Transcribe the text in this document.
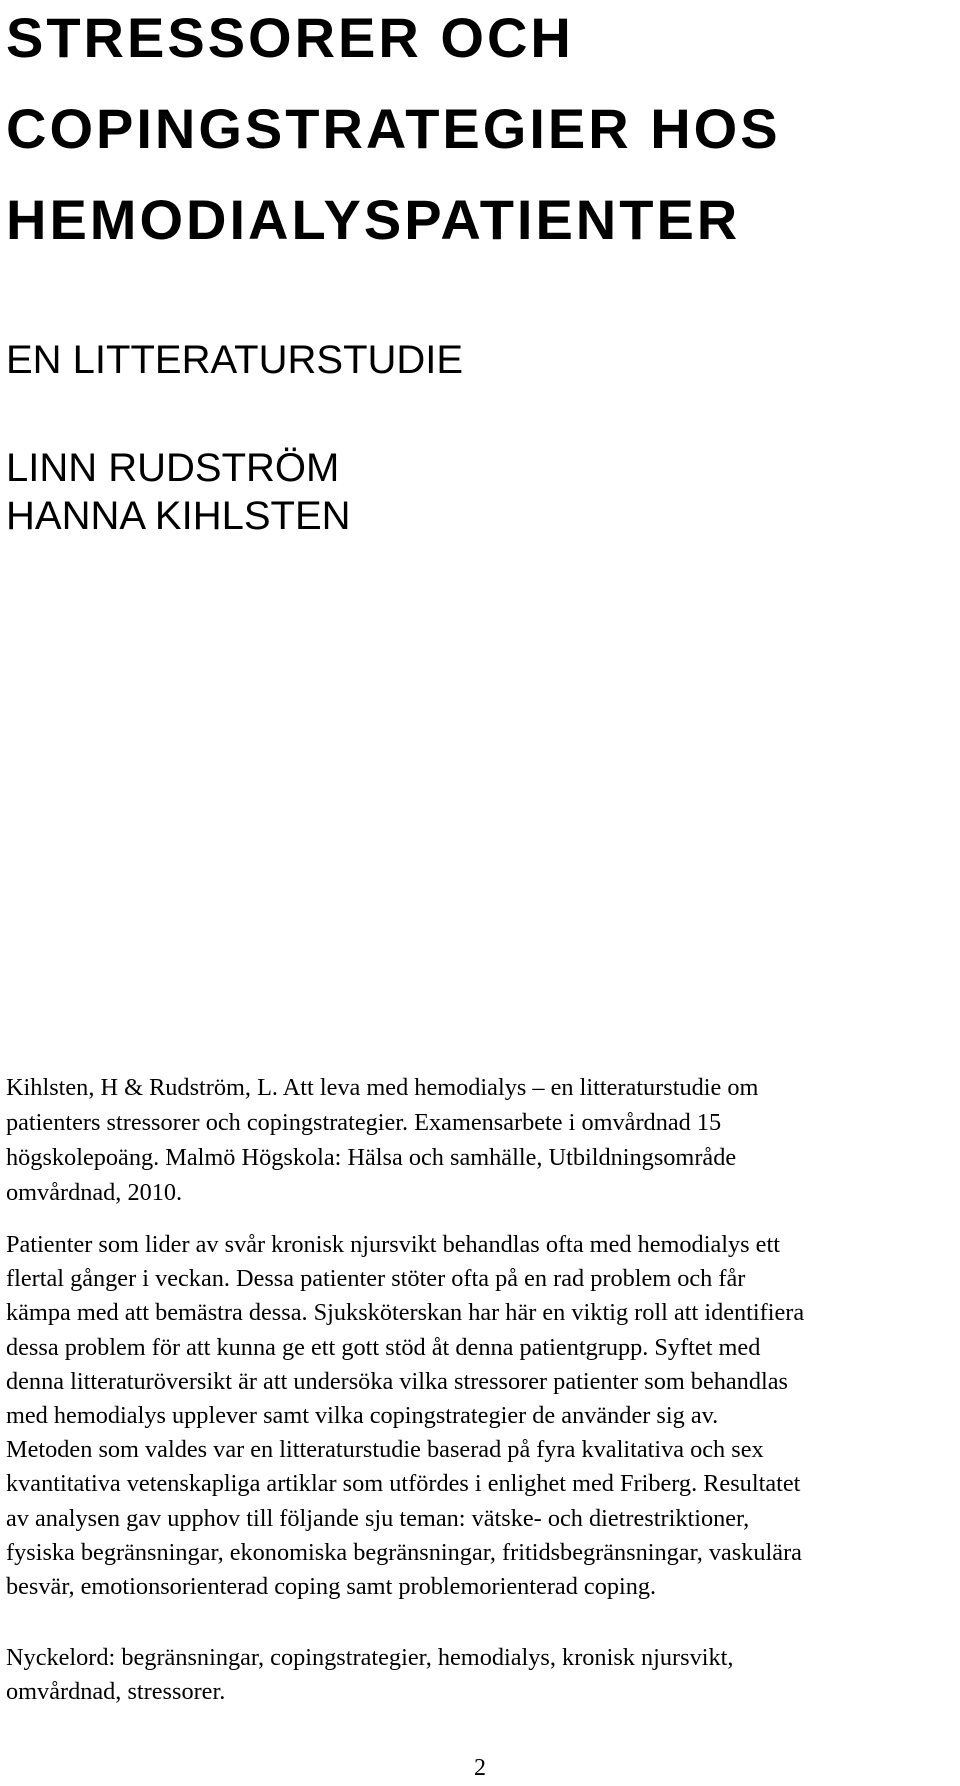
STRESSORER OCH
COPINGSTRATEGIER HOS
HEMODIALYSPATIENTER
EN LITTERATURSTUDIE
LINN RUDSTRÖM
HANNA KIHLSTEN
Kihlsten, H & Rudström, L. Att leva med hemodialys – en litteraturstudie om
patienters stressorer och copingstrategier. Examensarbete i omvårdnad 15
högskolepoäng. Malmö Högskola: Hälsa och samhälle, Utbildningsområde
omvårdnad, 2010.
Patienter som lider av svår kronisk njursvikt behandlas ofta med hemodialys ett
flertal gånger i veckan. Dessa patienter stöter ofta på en rad problem och får
kämpa med att bemästra dessa. Sjuksköterskan har här en viktig roll att identifiera
dessa problem för att kunna ge ett gott stöd åt denna patientgrupp. Syftet med
denna litteraturöversikt är att undersöka vilka stressorer patienter som behandlas
med hemodialys upplever samt vilka copingstrategier de använder sig av.
Metoden som valdes var en litteraturstudie baserad på fyra kvalitativa och sex
kvantitativa vetenskapliga artiklar som utfördes i enlighet med Friberg. Resultatet
av analysen gav upphov till följande sju teman: vätske- och dietrestriktioner,
fysiska begränsningar, ekonomiska begränsningar, fritidsbegränsningar, vaskulära
besvär, emotionsorienterad coping samt problemorienterad coping.
Nyckelord: begränsningar, copingstrategier, hemodialys, kronisk njursvikt,
omvårdnad, stressorer.
2
